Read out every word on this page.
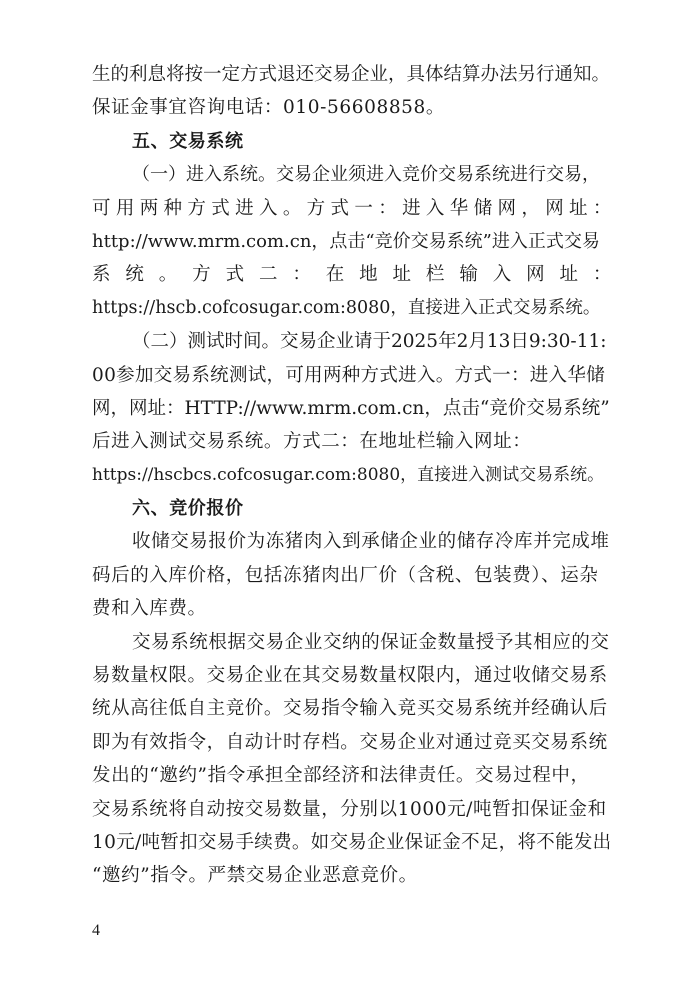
生的利息将按一定方式退还交易企业，具体结算办法另行通知。
保证金事宜咨询电话：010-56608858。
五、交易系统
（一）进入系统。交易企业须进入竞价交易系统进行交易，
可用两种方式进入。方式一：进入华储网，网址：
http://www.mrm.com.cn，点击“竞价交易系统”进入正式交易
系统。方式二：在地址栏输入网址：
https://hscb.cofcosugar.com:8080，直接进入正式交易系统。
（二）测试时间。交易企业请于2025年2月13日9:30-11:
00参加交易系统测试，可用两种方式进入。方式一：进入华储
网，网址：HTTP://www.mrm.com.cn，点击“竞价交易系统”
后进入测试交易系统。方式二：在地址栏输入网址：
https://hscbcs.cofcosugar.com:8080，直接进入测试交易系统。
六、竞价报价
收储交易报价为冻猪肉入到承储企业的储存冷库并完成堆
码后的入库价格，包括冻猪肉出厂价（含税、包装费）、运杂
费和入库费。
交易系统根据交易企业交纳的保证金数量授予其相应的交
易数量权限。交易企业在其交易数量权限内，通过收储交易系
统从高往低自主竞价。交易指令输入竞买交易系统并经确认后
即为有效指令，自动计时存档。交易企业对通过竞买交易系统
发出的“邀约”指令承担全部经济和法律责任。交易过程中，
交易系统将自动按交易数量，分别以1000元/吨暂扣保证金和
10元/吨暂扣交易手续费。如交易企业保证金不足，将不能发出
“邀约”指令。严禁交易企业恶意竞价。
4
